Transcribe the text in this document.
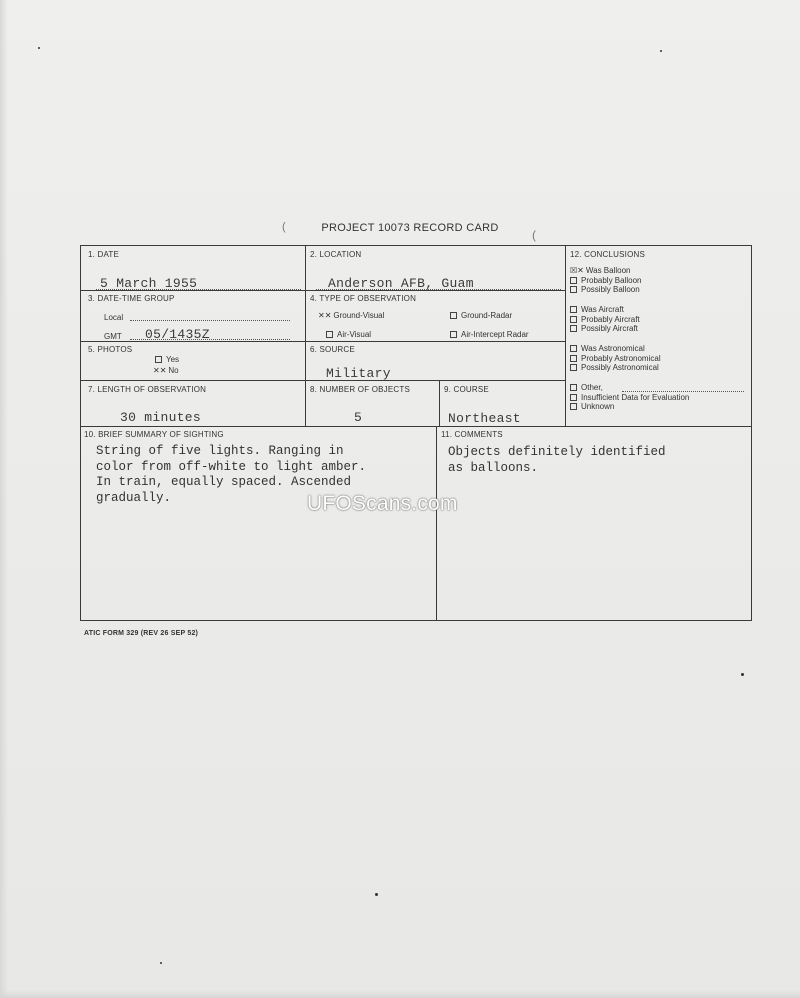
(	PROJECT 10073 RECORD CARD	(
1. DATE
5 March 1955
2. LOCATION
Anderson AFB, Guam
3. DATE-TIME GROUP
Local
GMT 05/1435Z
4. TYPE OF OBSERVATION
✕✕ Ground-Visual	Ground-Radar
Air-Visual	Air-Intercept Radar
5. PHOTOS
Yes
✕✕ No
6. SOURCE
Military
7. LENGTH OF OBSERVATION
30 minutes
8. NUMBER OF OBJECTS
5
9. COURSE
Northeast
12. CONCLUSIONS
☒✕ Was Balloon
Probably Balloon
Possibly Balloon
Was Aircraft
Probably Aircraft
Possibly Aircraft
Was Astronomical
Probably Astronomical
Possibly Astronomical
Other,
Insufficient Data for Evaluation
Unknown
10. BRIEF SUMMARY OF SIGHTING
String of five lights. Ranging in
color from off-white to light amber.
In train, equally spaced. Ascended
gradually.
11. COMMENTS
Objects definitely identified
as balloons.
UFOScans.com
ATIC FORM 329 (REV 26 SEP 52)
